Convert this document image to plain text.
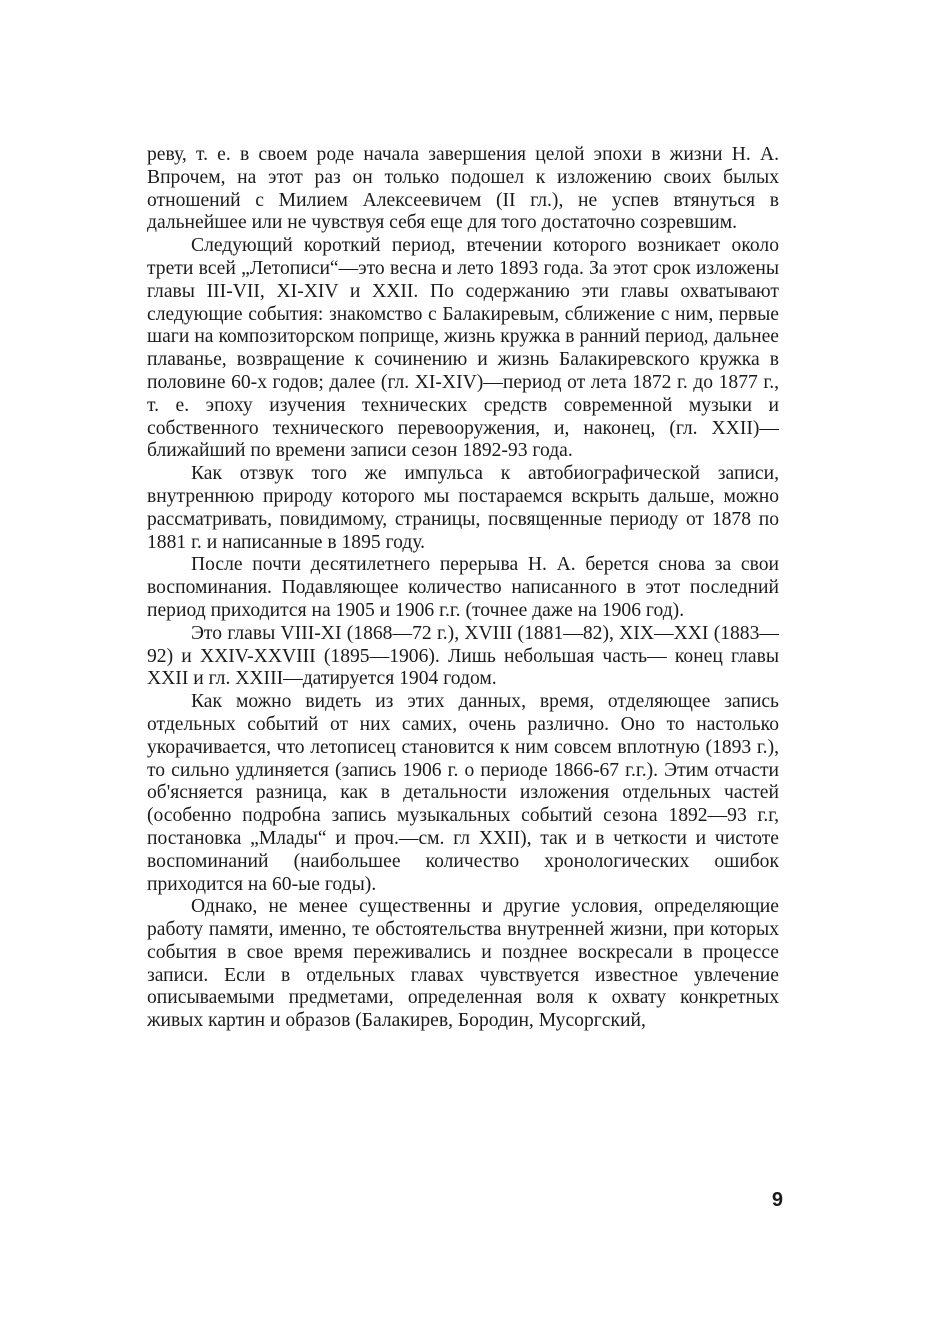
реву, т. е. в своем роде начала завершения целой эпохи в жизни Н. А. Впрочем, на этот раз он только подошел к изложению своих былых отношений с Милием Алексеевичем (II гл.), не успев втянуться в дальнейшее или не чувствуя себя еще для того достаточно созревшим.

Следующий короткий период, втечении которого возникает около трети всей „Летописи“—это весна и лето 1893 года. За этот срок изложены главы III-VII, XI-XIV и XXII. По содержанию эти главы охватывают следующие события: знакомство с Балакиревым, сближение с ним, первые шаги на композиторском поприще, жизнь кружка в ранний период, дальнее плаванье, возвращение к сочинению и жизнь Балакиревского кружка в половине 60-х годов; далее (гл. XI-XIV)—период от лета 1872 г. до 1877 г., т. е. эпоху изучения технических средств современной музыки и собственного технического перевооружения, и, наконец, (гл. XXII)—ближайший по времени записи сезон 1892-93 года.

Как отзвук того же импульса к автобиографической записи, внутреннюю природу которого мы постараемся вскрыть дальше, можно рассматривать, повидимому, страницы, посвященные периоду от 1878 по 1881 г. и написанные в 1895 году.

После почти десятилетнего перерыва Н. А. берется снова за свои воспоминания. Подавляющее количество написанного в этот последний период приходится на 1905 и 1906 г.г. (точнее даже на 1906 год).

Это главы VIII-XI (1868—72 г.), XVIII (1881—82), XIX—XXI (1883—92) и XXIV-XXVIII (1895—1906). Лишь небольшая часть— конец главы XXII и гл. XXIII—датируется 1904 годом.

Как можно видеть из этих данных, время, отделяющее запись отдельных событий от них самих, очень различно. Оно то настолько укорачивается, что летописец становится к ним совсем вплотную (1893 г.), то сильно удлиняется (запись 1906 г. о периоде 1866-67 г.г.). Этим отчасти об'ясняется разница, как в детальности изложения отдельных частей (особенно подробна запись музыкальных событий сезона 1892—93 г.г, постановка „Млады“ и проч.—см. гл XXII), так и в четкости и чистоте воспоминаний (наибольшее количество хронологических ошибок приходится на 60-ые годы).

Однако, не менее существенны и другие условия, определяющие работу памяти, именно, те обстоятельства внутренней жизни, при которых события в свое время переживались и позднее воскресали в процессе записи. Если в отдельных главах чувствуется известное увлечение описываемыми предметами, определенная воля к охвату конкретных живых картин и образов (Балакирев, Бородин, Мусоргский,

9
